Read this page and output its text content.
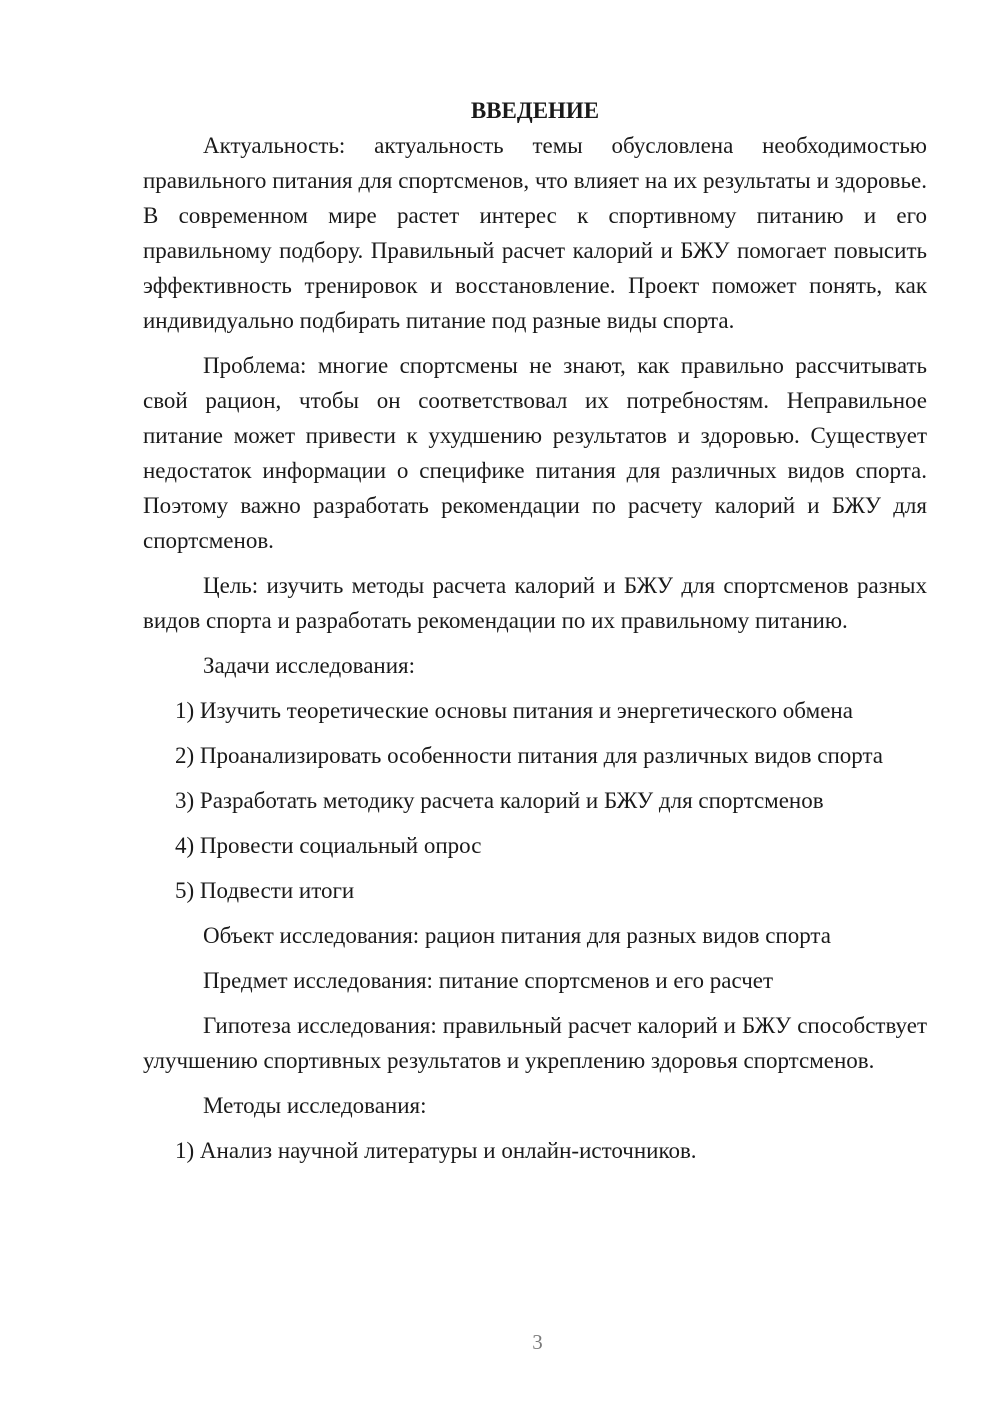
ВВЕДЕНИЕ

Актуальность: актуальность темы обусловлена необходимостью правильного питания для спортсменов, что влияет на их результаты и здоровье. В современном мире растет интерес к спортивному питанию и его правильному подбору. Правильный расчет калорий и БЖУ помогает повысить эффективность тренировок и восстановление. Проект поможет понять, как индивидуально подбирать питание под разные виды спорта.

Проблема: многие спортсмены не знают, как правильно рассчитывать свой рацион, чтобы он соответствовал их потребностям. Неправильное питание может привести к ухудшению результатов и здоровью. Существует недостаток информации о специфике питания для различных видов спорта. Поэтому важно разработать рекомендации по расчету калорий и БЖУ для спортсменов.

Цель: изучить методы расчета калорий и БЖУ для спортсменов разных видов спорта и разработать рекомендации по их правильному питанию.

Задачи исследования:

1) Изучить теоретические основы питания и энергетического обмена

2) Проанализировать особенности питания для различных видов спорта

3) Разработать методику расчета калорий и БЖУ для спортсменов

4) Провести социальный опрос

5) Подвести итоги

Объект исследования: рацион питания для разных видов спорта

Предмет исследования: питание спортсменов и его расчет

Гипотеза исследования: правильный расчет калорий и БЖУ способствует улучшению спортивных результатов и укреплению здоровья спортсменов.

Методы исследования:

1) Анализ научной литературы и онлайн-источников.

3
